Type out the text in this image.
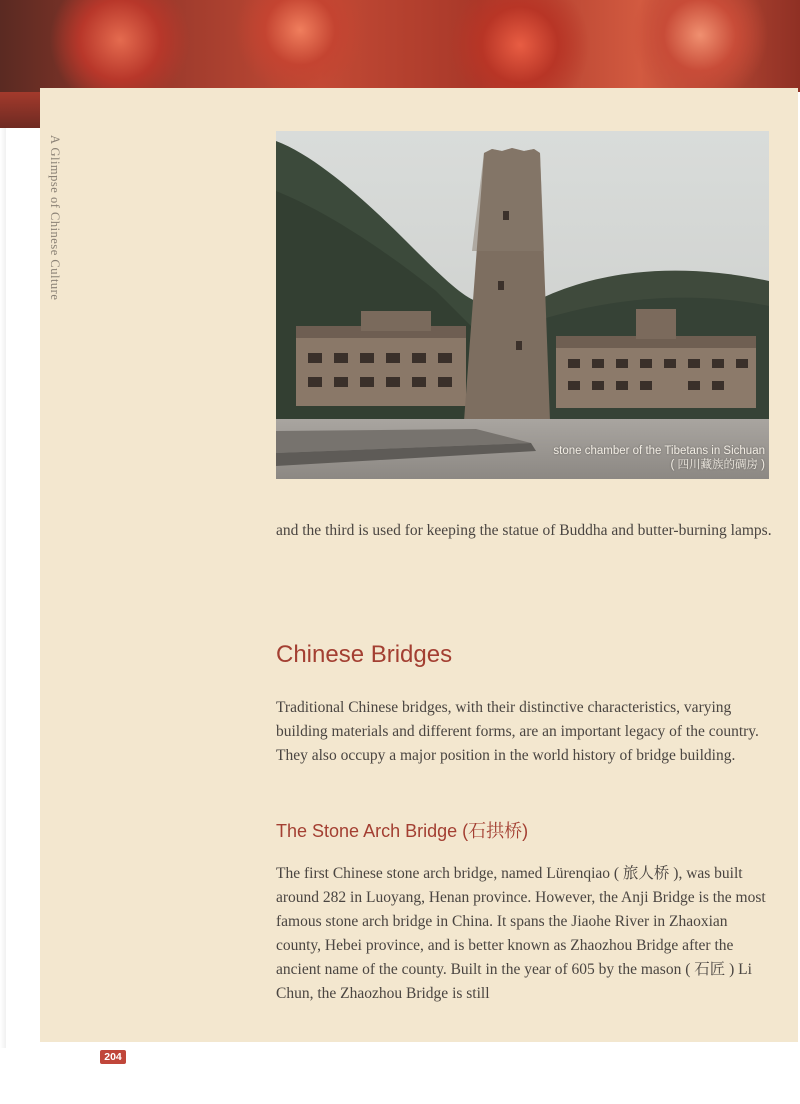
A Glimpse of Chinese Culture
stone chamber of the Tibetans in Sichuan
( 四川藏族的碉房 )

and the third is used for keeping the statue of Buddha and butter-burning lamps.

Chinese Bridges

Traditional Chinese bridges, with their distinctive characteristics, varying building materials and different forms, are an important legacy of the country. They also occupy a major position in the world history of bridge building.

The Stone Arch Bridge (石拱桥)

The first Chinese stone arch bridge, named Lürenqiao ( 旅人桥 ), was built around 282 in Luoyang, Henan province. However, the Anji Bridge is the most famous stone arch bridge in China. It spans the Jiaohe River in Zhaoxian county, Hebei province, and is better known as Zhaozhou Bridge after the ancient name of the county. Built in the year of 605 by the mason ( 石匠 ) Li Chun, the Zhaozhou Bridge is still

204
